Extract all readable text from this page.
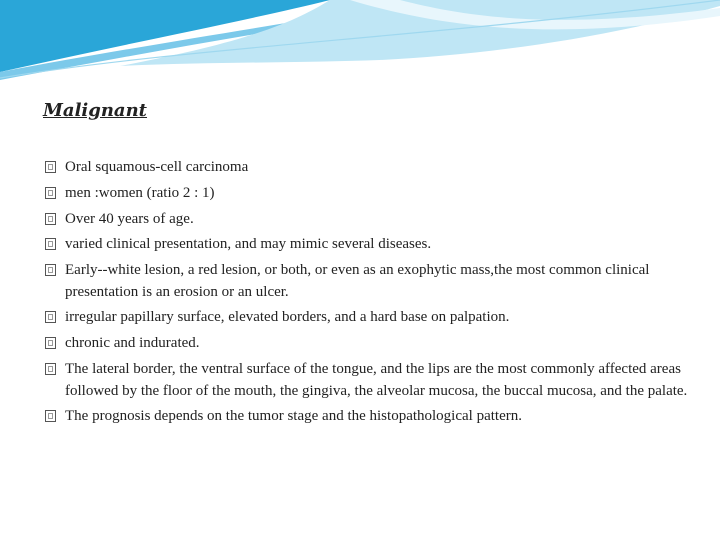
Malignant
Oral squamous-cell carcinoma
men :women (ratio 2 : 1)
Over 40 years of age.
varied clinical presentation, and may mimic several diseases.
Early--white lesion, a red lesion, or both, or even as an exophytic mass,the most common clinical presentation is an erosion or an ulcer.
irregular papillary surface, elevated borders, and a hard base on palpation.
chronic and indurated.
The lateral border, the ventral surface of the tongue, and the lips are the most commonly affected areas followed by the floor of the mouth, the gingiva, the alveolar mucosa, the buccal mucosa, and the palate.
The prognosis depends on the tumor stage and the histopathological pattern.
